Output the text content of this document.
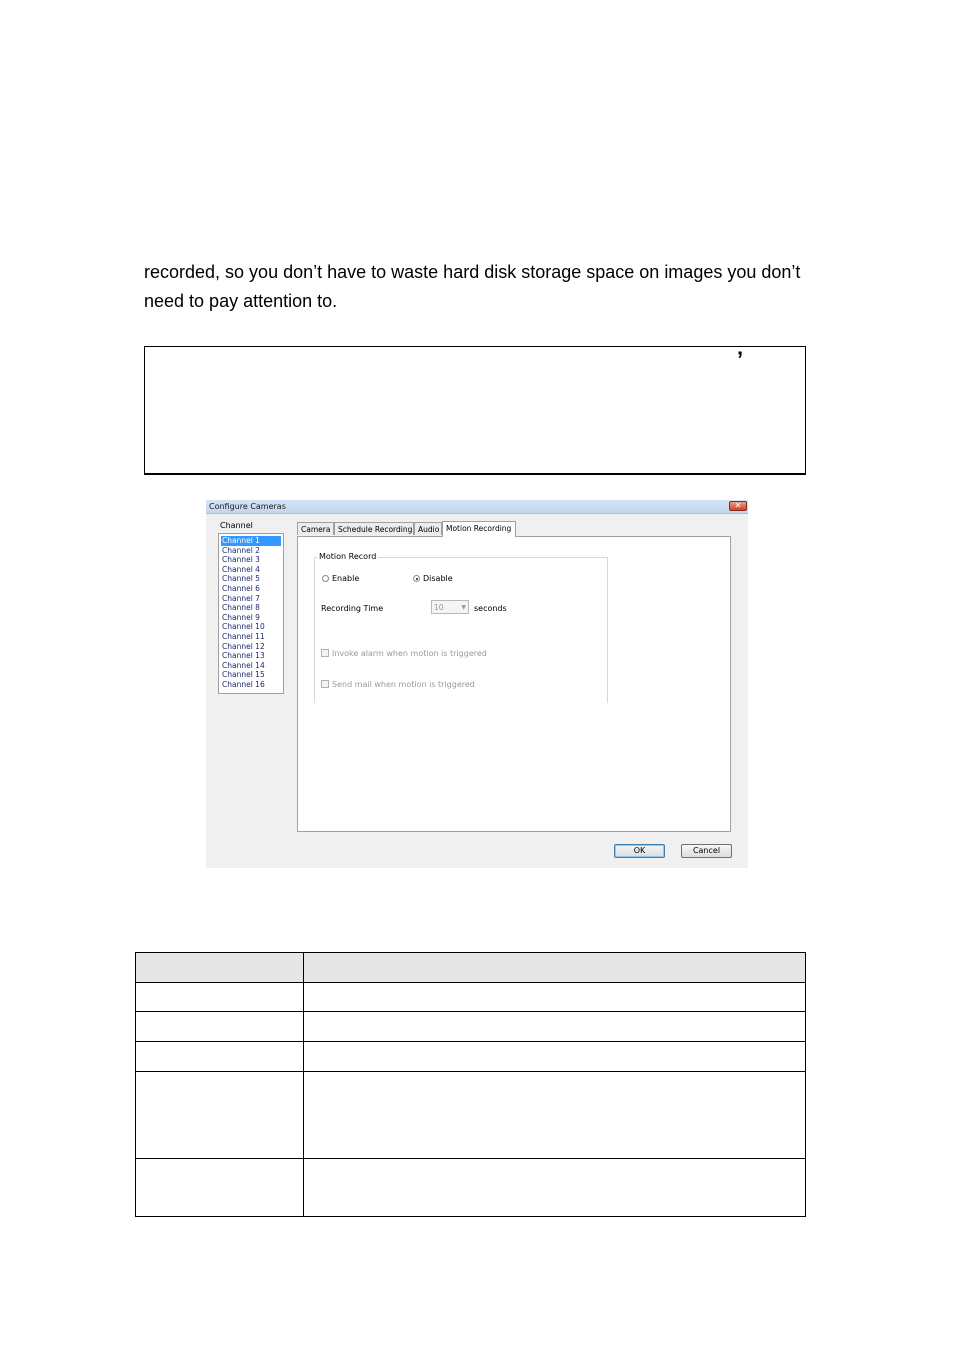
recorded, so you don’t have to waste hard disk storage space on images you don’t need to pay attention to.

’
Configure Cameras	✕
Channel
Channel 1
Channel 2
Channel 3
Channel 4
Channel 5
Channel 6
Channel 7
Channel 8
Channel 9
Channel 10
Channel 11
Channel 12
Channel 13
Channel 14
Channel 15
Channel 16
Camera	Schedule Recording Audio Motion Recording
Motion Record
Enable	Disable
Recording Time	10	▼ seconds
Invoke alarm when motion is triggered
Send mail when motion is triggered
OK	Cancel
